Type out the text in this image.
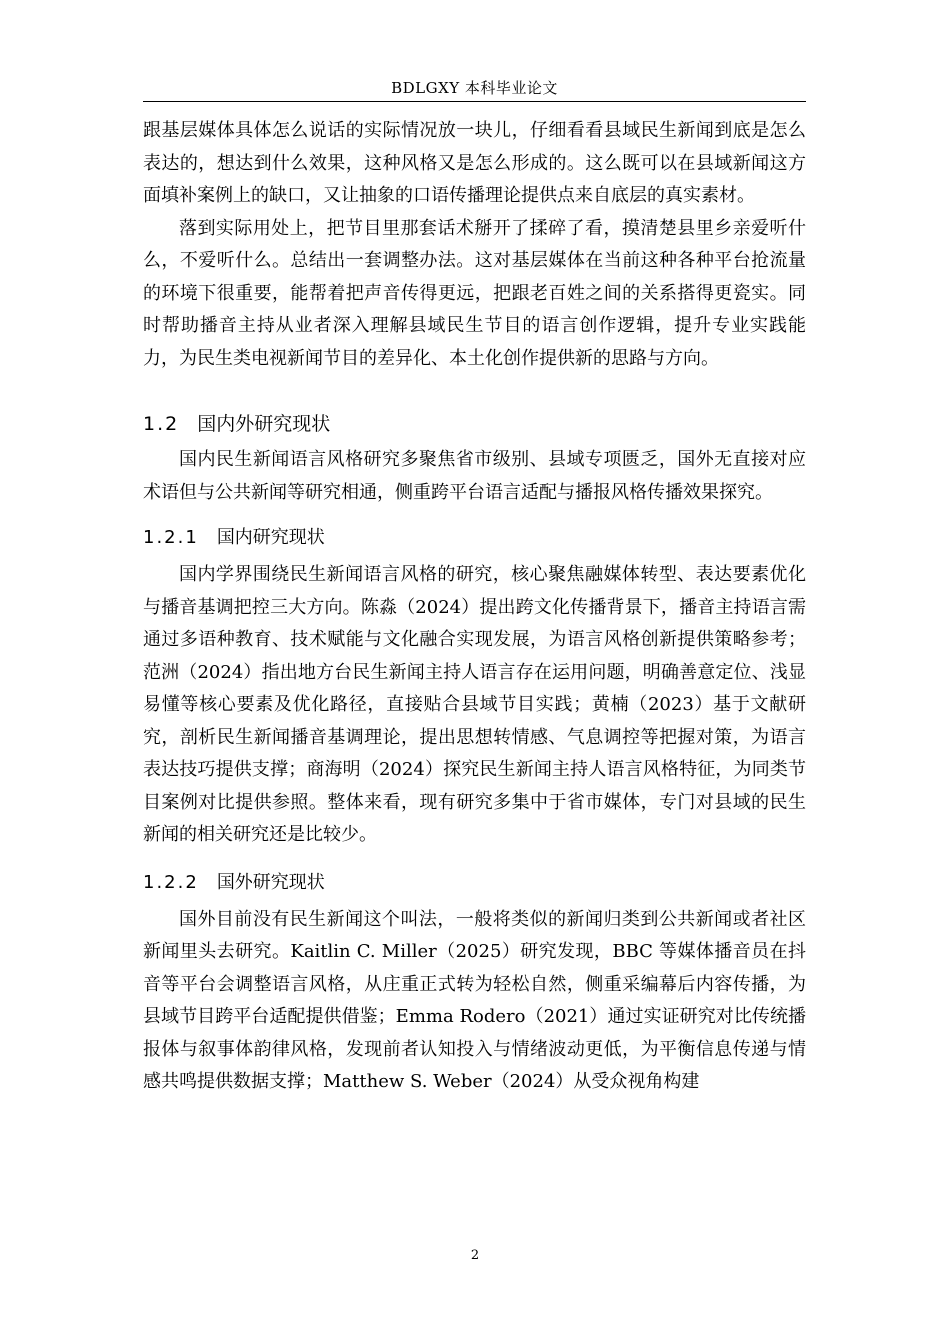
BDLGXY 本科毕业论文

跟基层媒体具体怎么说话的实际情况放一块儿，仔细看看县域民生新闻到底是怎么表达的，想达到什么效果，这种风格又是怎么形成的。这么既可以在县域新闻这方面填补案例上的缺口，又让抽象的口语传播理论提供点来自底层的真实素材。

落到实际用处上，把节目里那套话术掰开了揉碎了看，摸清楚县里乡亲爱听什么，不爱听什么。总结出一套调整办法。这对基层媒体在当前这种各种平台抢流量的环境下很重要，能帮着把声音传得更远，把跟老百姓之间的关系搭得更瓷实。同时帮助播音主持从业者深入理解县域民生节目的语言创作逻辑，提升专业实践能力，为民生类电视新闻节目的差异化、本土化创作提供新的思路与方向。

1.2 国内外研究现状

国内民生新闻语言风格研究多聚焦省市级别、县域专项匮乏，国外无直接对应术语但与公共新闻等研究相通，侧重跨平台语言适配与播报风格传播效果探究。

1.2.1 国内研究现状

国内学界围绕民生新闻语言风格的研究，核心聚焦融媒体转型、表达要素优化与播音基调把控三大方向。陈淼（2024）提出跨文化传播背景下，播音主持语言需通过多语种教育、技术赋能与文化融合实现发展，为语言风格创新提供策略参考；范洲（2024）指出地方台民生新闻主持人语言存在运用问题，明确善意定位、浅显易懂等核心要素及优化路径，直接贴合县域节目实践；黄楠（2023）基于文献研究，剖析民生新闻播音基调理论，提出思想转情感、气息调控等把握对策，为语言表达技巧提供支撑；商海明（2024）探究民生新闻主持人语言风格特征，为同类节目案例对比提供参照。整体来看，现有研究多集中于省市媒体，专门对县域的民生新闻的相关研究还是比较少。

1.2.2 国外研究现状

国外目前没有民生新闻这个叫法，一般将类似的新闻归类到公共新闻或者社区新闻里头去研究。Kaitlin C. Miller（2025）研究发现，BBC 等媒体播音员在抖音等平台会调整语言风格，从庄重正式转为轻松自然，侧重采编幕后内容传播，为县域节目跨平台适配提供借鉴；Emma Rodero（2021）通过实证研究对比传统播报体与叙事体韵律风格，发现前者认知投入与情绪波动更低，为平衡信息传递与情感共鸣提供数据支撑；Matthew S. Weber（2024）从受众视角构建

2
